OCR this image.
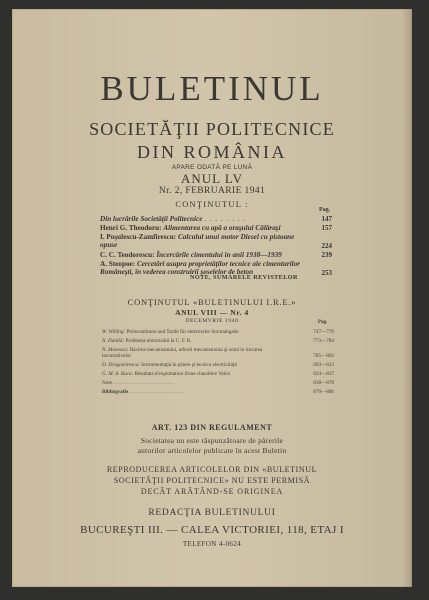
BULETINUL
SOCIETĂŢII POLITECNICE
DIN ROMÂNIA
APARE ODATĂ PE LUNĂ
ANUL LV
Nr. 2, FEBRUARIE 1941
CONŢINUTUL :
Pag.
Din lucrările Societăţii Politecnice . . . . . . . .	147
Henri G. Theodoru: Alimentarea cu apă a oraşului Călăraşi	157
I. Poşulescu-Zamfirescu: Calculul unui motor Diesel cu pistoane opuse	224
C. C. Teodorescu: Încercările cimentului în anii 1938—1939	239
A. Steopoe: Cercetări asupra proprietăţilor tecnice ale cimenturilor Româneşti, în vederea construirii şoselelor de beton	253
NOTE, SUMARELE REVISTELOR
CONŢINUTUL «BULETINULUI I.R.E.»
ANUL VIII — Nr. 4
DECEMVRIE 1940	Pag.
W. Willing: Preiscontituen und Tarife für elektrische Stromabgabe	747—770
N. Dunilă: Problema motorisării la C. F. R.	773—784
N. Manescu: Răcirea mecanismului, arborii mecanismului şi solul în lucrarea locomotivelor	785—802
D. Dragomirescu: Instrumentaţia în şiitere şi tecnica electricităţii	803—823
G. M. A. Bacu: Résultats d'exploitation d'une chaudière Velox	824—837
Note . . . . . . . . . . . . . . . . . . . . . . . .	838—878
Bibliografie . . . . . . . . . . . . . . . . . . . . .	879—886
ART. 123 DIN REGULAMENT
Societatea nu este răspunzătoare de părerile
autorilor articolelor publicate în acest Buletin
REPRODUCEREA ARTICOLELOR DIN «BULETINUL
SOCIETĂŢII POLITECNICE» NU ESTE PERMISĂ
DECÂT ARĂTÂND-SE ORIGINEA
REDACŢIA BULETINULUI
BUCUREŞTI III. — CALEA VICTORIEI, 118, ETAJ I
TELEFON 4-0624
